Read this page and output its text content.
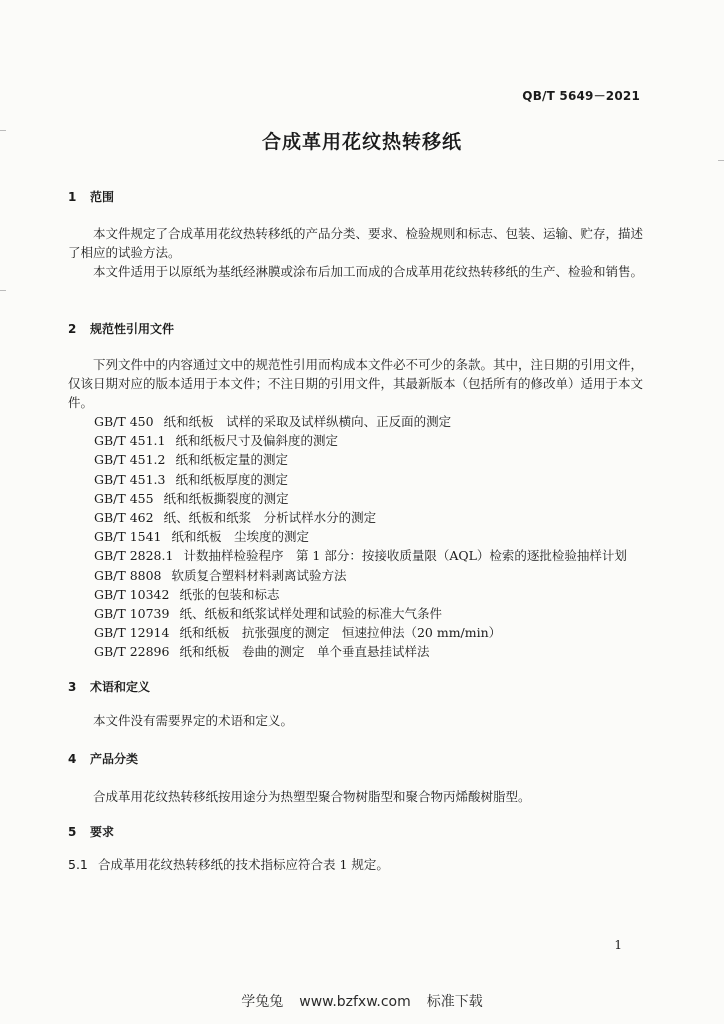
QB/T 5649－2021
合成革用花纹热转移纸
1 范围
本文件规定了合成革用花纹热转移纸的产品分类、要求、检验规则和标志、包装、运输、贮存，描述了相应的试验方法。
本文件适用于以原纸为基纸经淋膜或涂布后加工而成的合成革用花纹热转移纸的生产、检验和销售。
2 规范性引用文件
下列文件中的内容通过文中的规范性引用而构成本文件必不可少的条款。其中，注日期的引用文件，仅该日期对应的版本适用于本文件；不注日期的引用文件，其最新版本（包括所有的修改单）适用于本文件。
GB/T 450 纸和纸板　试样的采取及试样纵横向、正反面的测定
GB/T 451.1 纸和纸板尺寸及偏斜度的测定
GB/T 451.2 纸和纸板定量的测定
GB/T 451.3 纸和纸板厚度的测定
GB/T 455 纸和纸板撕裂度的测定
GB/T 462 纸、纸板和纸浆　分析试样水分的测定
GB/T 1541 纸和纸板　尘埃度的测定
GB/T 2828.1 计数抽样检验程序　第 1 部分：按接收质量限（AQL）检索的逐批检验抽样计划
GB/T 8808 软质复合塑料材料剥离试验方法
GB/T 10342 纸张的包装和标志
GB/T 10739 纸、纸板和纸浆试样处理和试验的标准大气条件
GB/T 12914 纸和纸板　抗张强度的测定　恒速拉伸法（20 mm/min）
GB/T 22896 纸和纸板　卷曲的测定　单个垂直悬挂试样法
3 术语和定义
本文件没有需要界定的术语和定义。
4 产品分类
合成革用花纹热转移纸按用途分为热塑型聚合物树脂型和聚合物丙烯酸树脂型。
5 要求
5.1 合成革用花纹热转移纸的技术指标应符合表 1 规定。
1
学兔兔 www.bzfxw.com 标准下载
